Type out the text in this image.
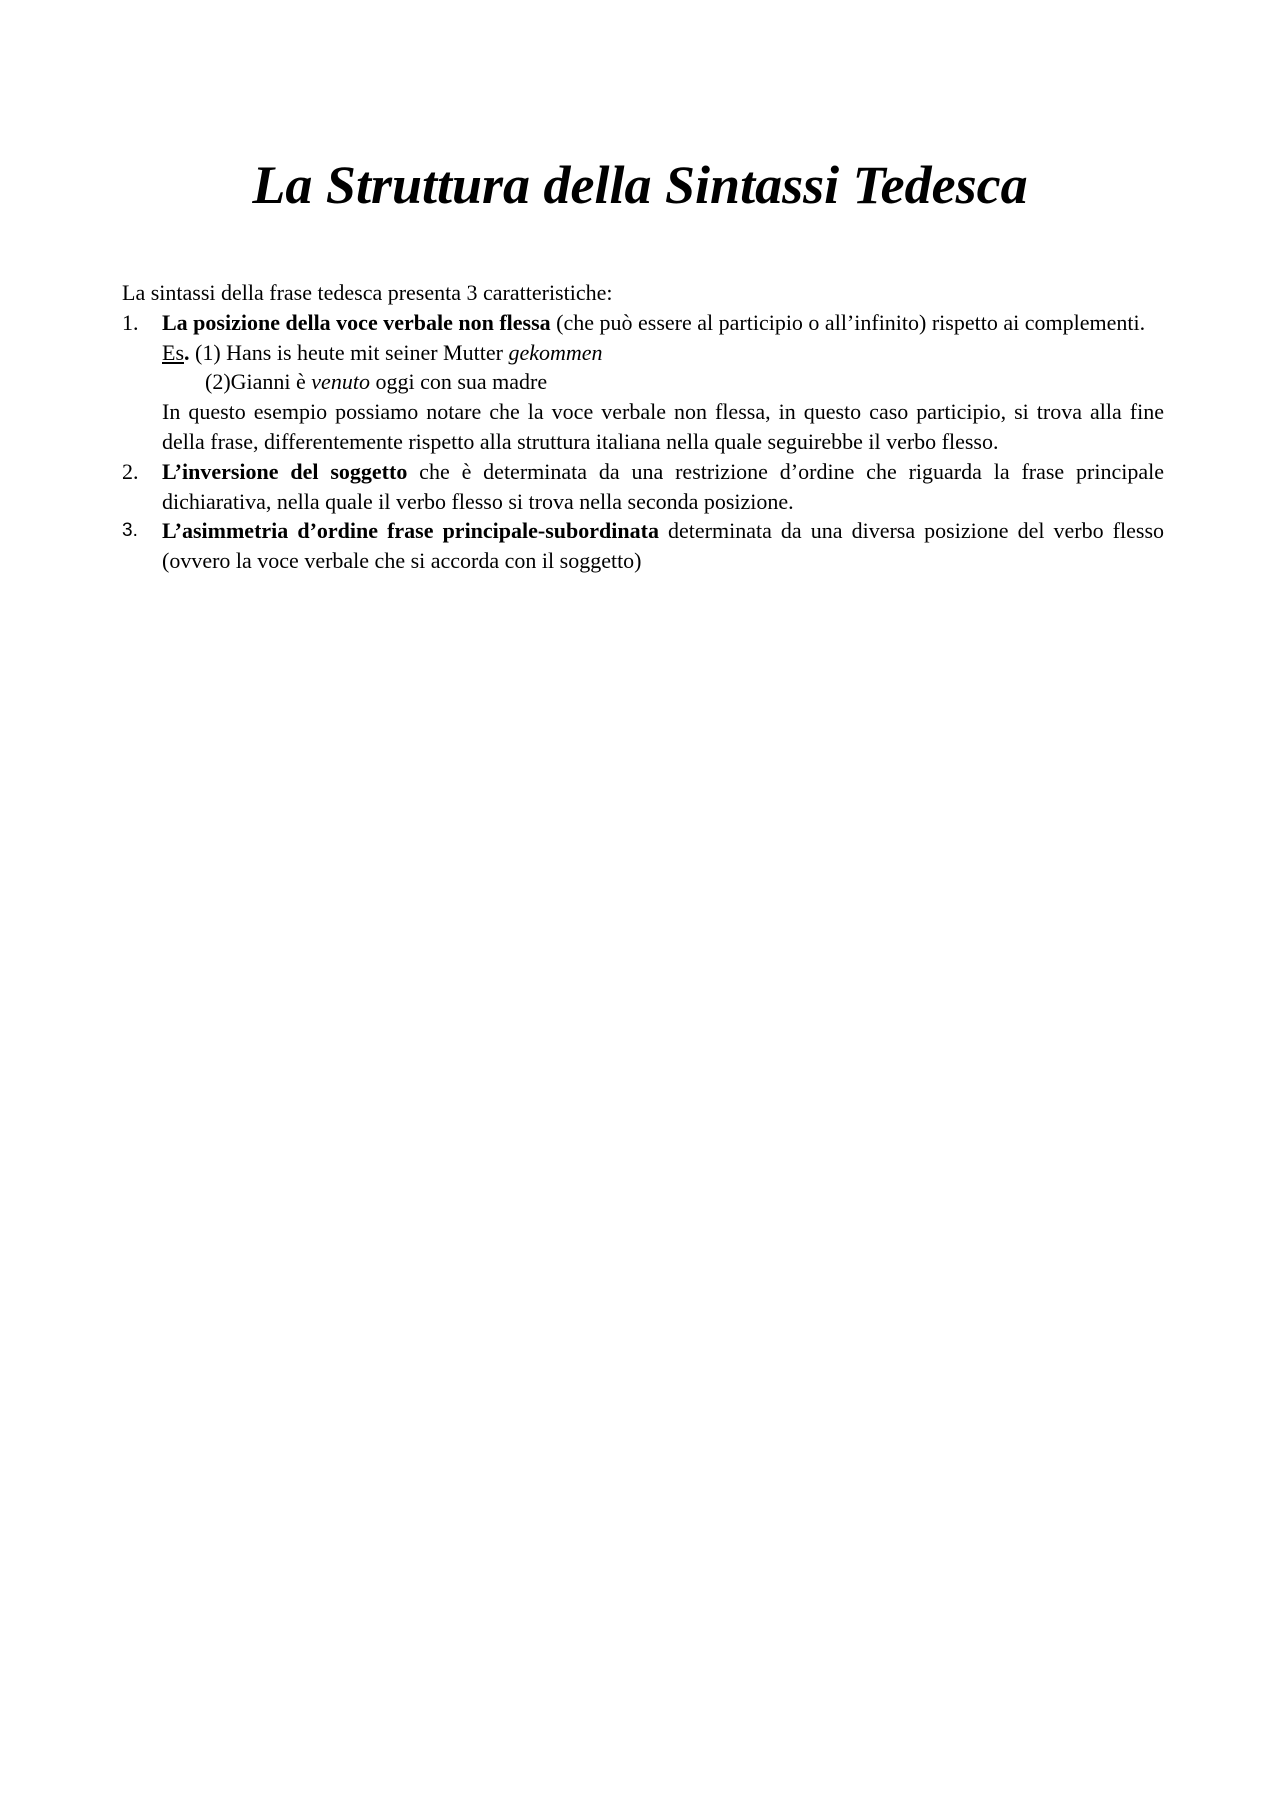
La Struttura della Sintassi Tedesca

La sintassi della frase tedesca presenta 3 caratteristiche:

1. La posizione della voce verbale non flessa (che può essere al participio o all’infinito) rispetto ai complementi.

Es. (1) Hans is heute mit seiner Mutter gekommen

(2)Gianni è venuto oggi con sua madre

In questo esempio possiamo notare che la voce verbale non flessa, in questo caso participio, si trova alla fine della frase, differentemente rispetto alla struttura italiana nella quale seguirebbe il verbo flesso.

2. L’inversione del soggetto che è determinata da una restrizione d’ordine che riguarda la frase principale dichiarativa, nella quale il verbo flesso si trova nella seconda posizione.

3. L’asimmetria d’ordine frase principale-subordinata determinata da una diversa posizione del verbo flesso (ovvero la voce verbale che si accorda con il soggetto)
